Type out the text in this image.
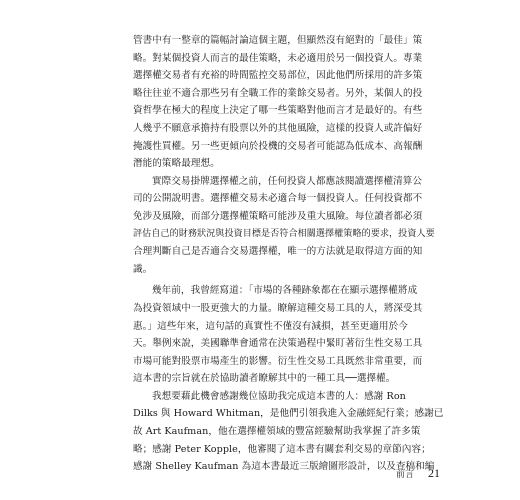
管書中有一整章的篇幅討論這個主題，但顯然沒有絕對的「最佳」策
略。對某個投資人而言的最佳策略，未必適用於另一個投資人。專業
選擇權交易者有充裕的時間監控交易部位，因此他們所採用的許多策
略往往並不適合那些另有全職工作的業餘交易者。另外，某個人的投
資哲學在極大的程度上決定了哪一些策略對他而言才是最好的。有些
人幾乎不願意承擔持有股票以外的其他風險，這樣的投資人或許偏好
掩護性買權。另一些更傾向於投機的交易者可能認為低成本、高報酬
潛能的策略最理想。

實際交易掛牌選擇權之前，任何投資人都應該閱讀選擇權清算公
司的公開說明書。選擇權交易未必適合每一個投資人。任何投資都不
免涉及風險，而部分選擇權策略可能涉及重大風險。每位讀者都必須
評估自己的財務狀況與投資目標是否符合相關選擇權策略的要求，投資人要
合理判斷自己是否適合交易選擇權，唯一的方法就是取得這方面的知
識。

幾年前，我曾經寫道：「市場的各種跡象都在在顯示選擇權將成
為投資領域中一股更強大的力量。瞭解這種交易工具的人，將深受其
惠。」這些年來，這句話的真實性不僅沒有減損，甚至更適用於今
天。舉例來說，美國聯準會通常在決策過程中緊盯著衍生性交易工具
市場可能對股票市場產生的影響。衍生性交易工具既然非常重要，而
這本書的宗旨就在於協助讀者瞭解其中的一種工具──選擇權。

我想要藉此機會感謝幾位協助我完成這本書的人：感謝 Ron
Dilks 與 Howard Whitman，是他們引領我進入金融經紀行業；感謝已
故 Art Kaufman，他在選擇權領域的豐富經驗幫助我掌握了許多策
略；感謝 Peter Kopple，他審閱了這本書有關套利交易的章節內容；
感謝 Shelley Kaufman 為這本書最近三版繪圖形設計，以及查稿和編

前言 21
